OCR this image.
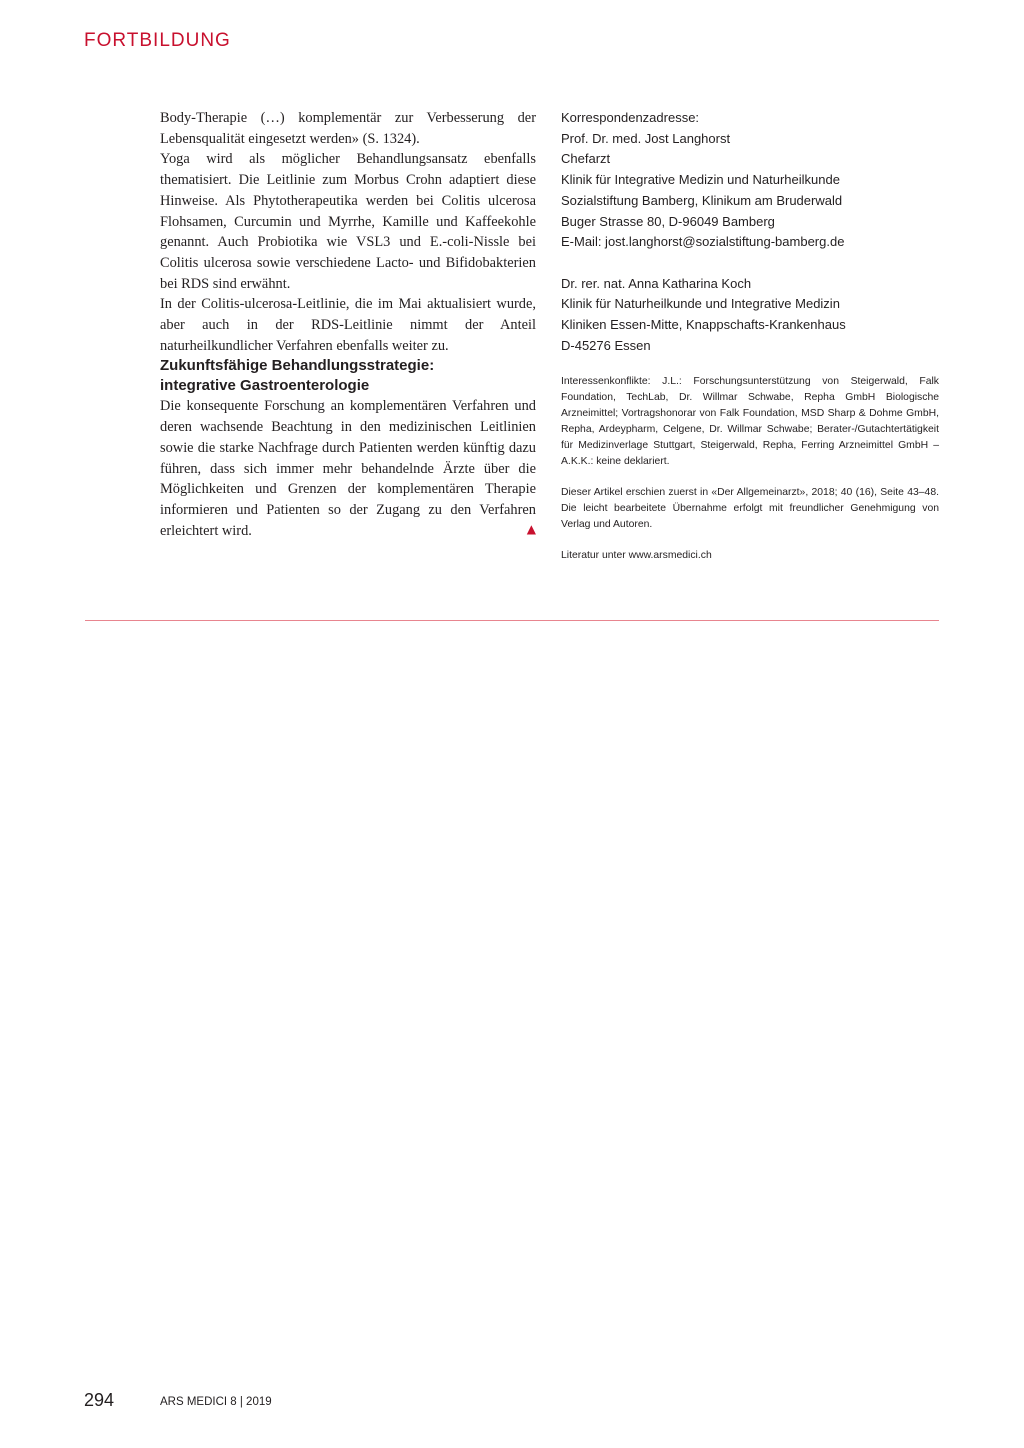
FORTBILDUNG

Body-Therapie (…) komplementär zur Verbesserung der Lebensqualität eingesetzt werden» (S. 1324).

Yoga wird als möglicher Behandlungsansatz ebenfalls thematisiert. Die Leitlinie zum Morbus Crohn adaptiert diese Hinweise. Als Phytotherapeutika werden bei Colitis ulcerosa Flohsamen, Curcumin und Myrrhe, Kamille und Kaffeekohle genannt. Auch Probiotika wie VSL3 und E.-coli-Nissle bei Colitis ulcerosa sowie verschiedene Lacto- und Bifidobakterien bei RDS sind erwähnt.

In der Colitis-ulcerosa-Leitlinie, die im Mai aktualisiert wurde, aber auch in der RDS-Leitlinie nimmt der Anteil naturheilkundlicher Verfahren ebenfalls weiter zu.

Zukunftsfähige Behandlungsstrategie:
integrative Gastroenterologie

Die konsequente Forschung an komplementären Verfahren und deren wachsende Beachtung in den medizinischen Leitlinien sowie die starke Nachfrage durch Patienten werden künftig dazu führen, dass sich immer mehr behandelnde Ärzte über die Möglichkeiten und Grenzen der komplementären Therapie informieren und Patienten so der Zugang zu den Verfahren erleichtert wird.	▲
Korrespondenzadresse:
Prof. Dr. med. Jost Langhorst
Chefarzt
Klinik für Integrative Medizin und Naturheilkunde
Sozialstiftung Bamberg, Klinikum am Bruderwald
Buger Strasse 80, D-96049 Bamberg
E-Mail: jost.langhorst@sozialstiftung-bamberg.de
Dr. rer. nat. Anna Katharina Koch
Klinik für Naturheilkunde und Integrative Medizin
Kliniken Essen-Mitte, Knappschafts-Krankenhaus
D-45276 Essen

Interessenkonflikte: J.L.: Forschungsunterstützung von Steigerwald, Falk Foundation, TechLab, Dr. Willmar Schwabe, Repha GmbH Biologische Arzneimittel; Vortragshonorar von Falk Foundation, MSD Sharp & Dohme GmbH, Repha, Ardeypharm, Celgene, Dr. Willmar Schwabe; Berater-/Gutachtertätigkeit für Medizinverlage Stuttgart, Steigerwald, Repha, Ferring Arzneimittel GmbH – A.K.K.: keine deklariert.

Dieser Artikel erschien zuerst in «Der Allgemeinarzt», 2018; 40 (16), Seite 43–48. Die leicht bearbeitete Übernahme erfolgt mit freundlicher Genehmigung von Verlag und Autoren.

Literatur unter www.arsmedici.ch

294	ARS MEDICI 8 | 2019
